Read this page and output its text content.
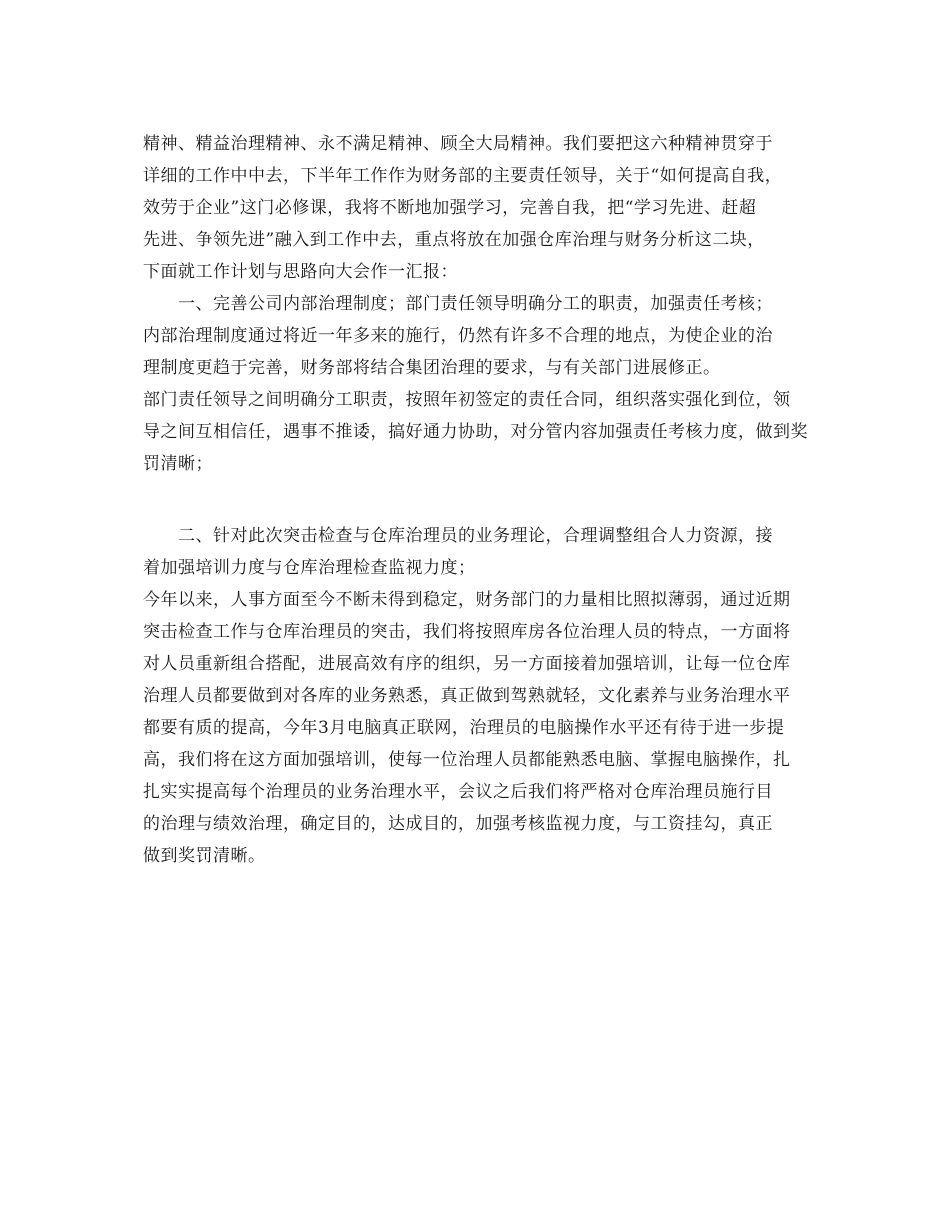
精神、精益治理精神、永不满足精神、顾全大局精神。我们要把这六种精神贯穿于
详细的工作中中去，下半年工作作为财务部的主要责任领导，关于“如何提高自我，
效劳于企业”这门必修课，我将不断地加强学习，完善自我，把“学习先进、赶超
先进、争领先进”融入到工作中去，重点将放在加强仓库治理与财务分析这二块，
下面就工作计划与思路向大会作一汇报：
一、完善公司内部治理制度；部门责任领导明确分工的职责，加强责任考核；
内部治理制度通过将近一年多来的施行，仍然有许多不合理的地点，为使企业的治
理制度更趋于完善，财务部将结合集团治理的要求，与有关部门进展修正。
部门责任领导之间明确分工职责，按照年初签定的责任合同，组织落实强化到位，领
导之间互相信任，遇事不推诿，搞好通力协助，对分管内容加强责任考核力度，做到奖
罚清晰；
二、针对此次突击检查与仓库治理员的业务理论，合理调整组合人力资源，接
着加强培训力度与仓库治理检查监视力度；
今年以来，人事方面至今不断未得到稳定，财务部门的力量相比照拟薄弱，通过近期
突击检查工作与仓库治理员的突击，我们将按照库房各位治理人员的特点，一方面将
对人员重新组合搭配，进展高效有序的组织，另一方面接着加强培训，让每一位仓库
治理人员都要做到对各库的业务熟悉，真正做到驾熟就轻，文化素养与业务治理水平
都要有质的提高，今年3月电脑真正联网，治理员的电脑操作水平还有待于进一步提
高，我们将在这方面加强培训，使每一位治理人员都能熟悉电脑、掌握电脑操作，扎
扎实实提高每个治理员的业务治理水平，会议之后我们将严格对仓库治理员施行目
的治理与绩效治理，确定目的，达成目的，加强考核监视力度，与工资挂勾，真正
做到奖罚清晰。
